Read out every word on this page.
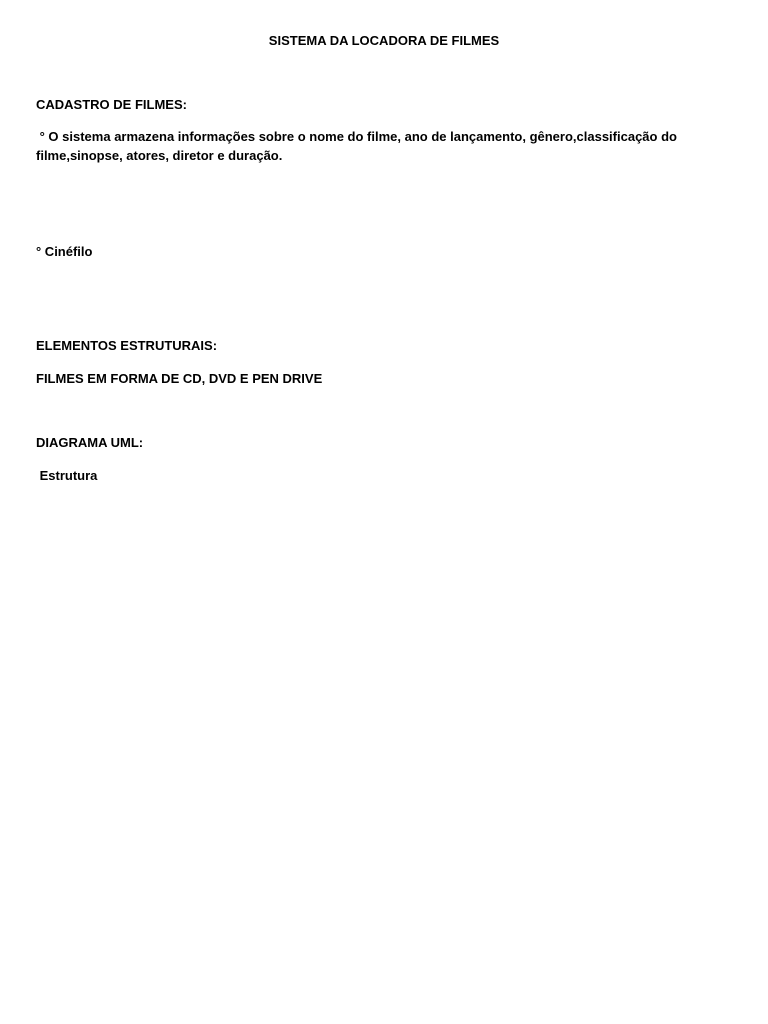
SISTEMA DA LOCADORA DE FILMES
CADASTRO DE FILMES:
° O sistema armazena informações sobre o nome do filme, ano de lançamento, gênero,classificação do filme,sinopse, atores, diretor e duração.
° Cinéfilo
ELEMENTOS ESTRUTURAIS:
FILMES EM FORMA DE CD, DVD E PEN DRIVE
DIAGRAMA UML:
Estrutura
